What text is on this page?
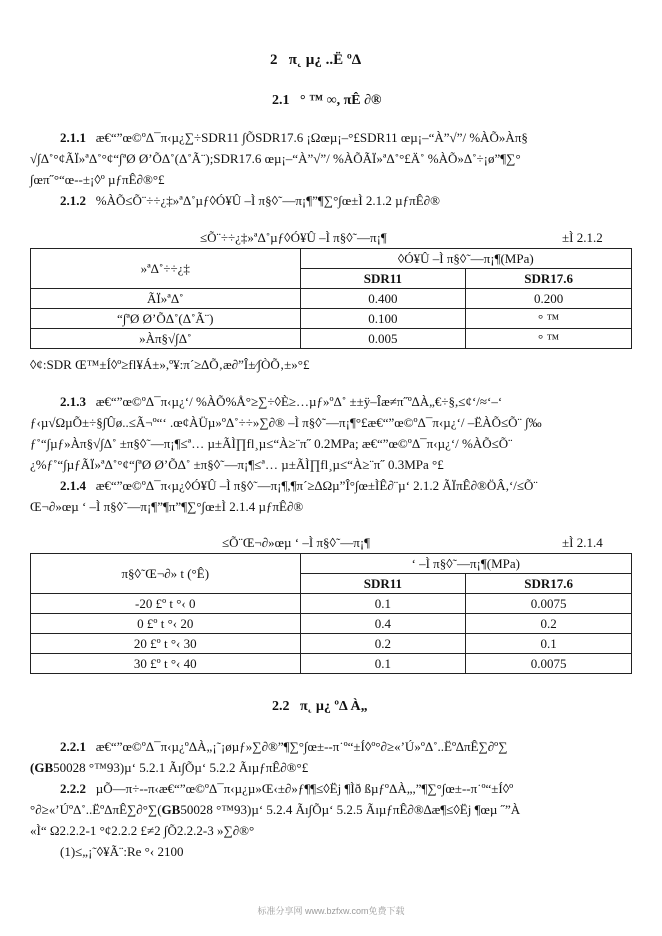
2 π˛ µ¿ ..Ë ºΔ
2.1 ° ™ ∞, πÊ ∂®
2.1.1 æ€“”œ©ºΔ¯π‹µ¿∑÷SDR11 ∫ÕSDR17.6 ¡Ωœµ¡–°£SDR11 œµ¡–“À”√”/ %ÀÕ»Àπ§
√∫Δ˚°¢ÃÏ»ªΔ˚°¢“∫ªØ Ø’ÕΔ˚(Δ˚Ã¨);SDR17.6 œµ¡–“À”√”/ %ÀÕÃÏ»ªΔ˚°£Ä˚ %ÀÕ»Δ˚÷¡ø”¶∑°
∫œπ˝°“œ‐‐±¡◊º µƒπÊ∂®°£
2.1.2 %ÀÕ≤Õ¨÷÷¿‡»ªΔ˚µƒ◊Ó¥Û –Ì π§◊˜—π¡¶”¶∑°∫œ±Ì 2.1.2 µƒπÊ∂®
≤Õ¨÷÷¿‡»ªΔ˚µƒ◊Ó¥Û –Ì π§◊˜—π¡¶	±Ì 2.1.2
»ªΔ˚÷÷¿‡	◊Ó¥Û –Ì π§◊˜—π¡¶(MPa)	
	SDR11	SDR17.6
ÃÏ»ªΔ˚	0.400	0.200
“∫ªØ Ø’ÕΔ˚(Δ˚Ã¨)	0.100	° ™
»Àπ§√∫Δ˚	0.005	° ™
◊¢:SDR Œ™±Í◊º≥fl¥Á±»,º¥:π´≥∆Õ‚æ∂”Î±⁄∫ÒÕ‚±»°£
2.1.3 æ€“”œ©ºΔ¯π‹µ¿‘/ %ÀÕ%Å°≥∑÷◊È≥…µƒ»ºΔ˚ ±±ÿ–Îæ≠π˝º∆À„€÷§,≤¢‘/≈‘–‘
ƒ‹µ√ΩµÕ±÷§∫Ûø..≤Ã¬º“‘ .œ¢ÀÜµ»ºΔ˚÷÷»∑∂® –Ì π§◊˜—π¡¶°£æ€“”œ©ºΔ¯π‹µ¿‘/ –ËÀÕ≤Õ¨ ∫‰
ƒ˚“∫µƒ»Àπ§√∫Δ˚ ±π§◊˜—π¡¶≤ª… µ±ÃÌ∏fl¸µ≤“À≥¨π˝ 0.2MPa; æ€“”œ©ºΔ¯π‹µ¿‘/ %ÀÕ≤Õ¨
¿%ƒ˚“∫µƒÃÏ»ªΔ˚°¢“∫ªØ Ø’ÕΔ˚ ±π§◊˜—π¡¶≤ª… µ±ÃÌ∏fl¸µ≤“À≥¨π˝ 0.3MPa °£
2.1.4 æ€“”œ©ºΔ¯π‹µ¿◊Ó¥Û –Ì π§◊˜—π¡¶,¶π´≥∆Ωµ”Î°∫œ±ÌÊ∂¨µ‘ 2.1.2 ÃÏπÊ∂®ÖÂ,‘/≤Õ¨
Œ¬∂»œµ ‘ –Ì π§◊˜—π¡¶”¶π”¶∑°∫œ±Ì 2.1.4 µƒπÊ∂®
≤Õ¨Œ¬∂»œµ ‘ –Ì π§◊˜—π¡¶	±Ì 2.1.4
π§◊˜Œ¬∂» t (°Ê)	‘ –Ì π§◊˜—π¡¶(MPa)	
	SDR11	SDR17.6
-20 £º t °‹ 0	0.1	0.0075
0 £º t °‹ 20	0.4	0.2
20 £º t °‹ 30	0.2	0.1
30 £º t °‹ 40	0.1	0.0075
2.2 π˛ µ¿ ºΔ À„
2.2.1 æ€“”œ©ºΔ¯π‹µ¿ºΔÀ„¡˜¡øµƒ»∑∂®”¶∑°∫œ±‐‐π˙º“±Í◊º°∂≥«’Ú»ºΔ˚..Ëº∆πÊ∑∂º∑
(GB50028 °™93)µ‘ 5.2.1 Ãı∫Õµ‘ 5.2.2 ÃıµƒπÊ∂®°£
2.2.2 µÕ—π÷‐‐π‹æ€“”œ©ºΔ¯π‹µ¿µ»Œ‹±∂»ƒ¶¶≤◊Ëj ¶Ìð ßµƒºΔÀ„,”¶∑°∫œ±‐‐π˙º“±Í◊º
°∂≥«’ÚºΔ˚..ËºΔπÊ∑∂°∑(GB50028 °™93)µ‘ 5.2.4 Ãı∫Õµ‘ 5.2.5 ÃıµƒπÊ∂®∆æ¶≤◊Ëj ¶œµ ˝”À
«Ì“ Ω2.2.2-1 °¢2.2.2 £≠2 ∫Õ2.2.2-3 »∑∂®°
(1)≤„¡˜◊¥Ã¨:Re °‹ 2100
标准分享网 www.bzfxw.com免费下载
